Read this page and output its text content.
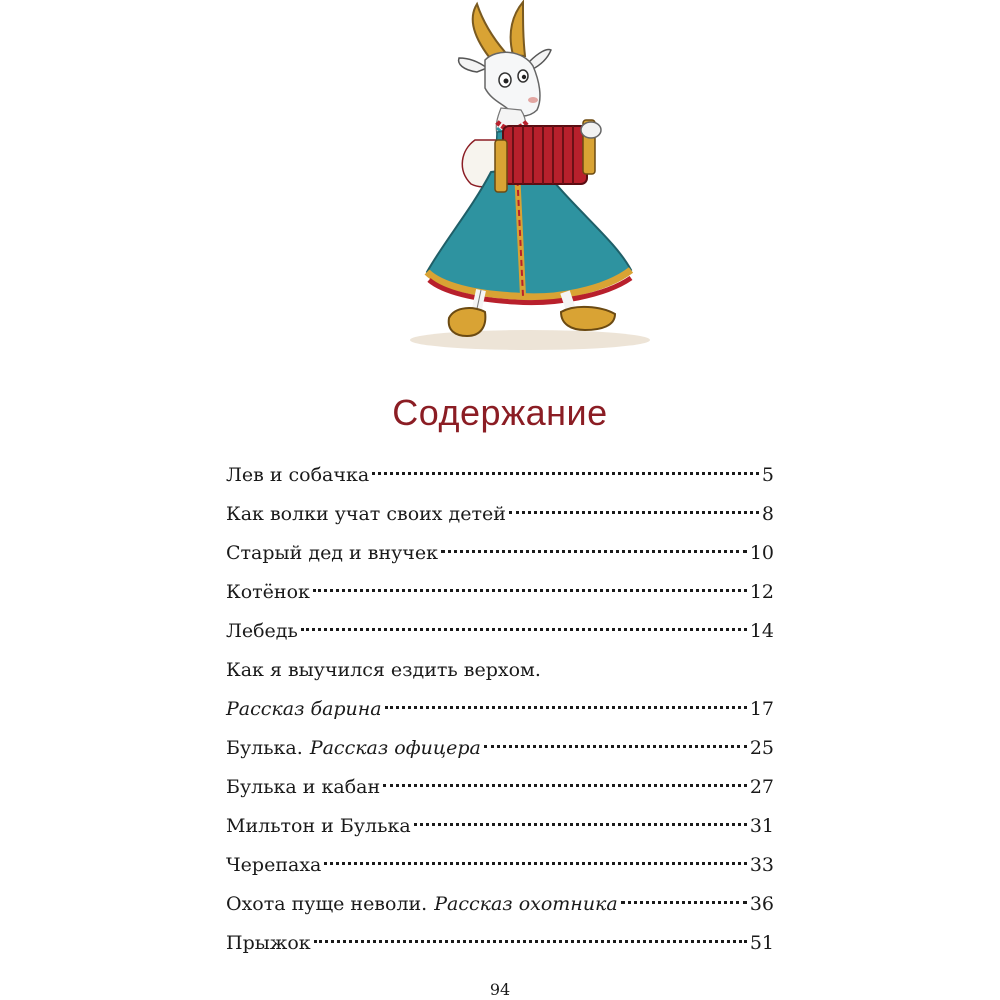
Содержание
Лев и собачка	5
Как волки учат своих детей	8
Старый дед и внучек	10
Котёнок	12
Лебедь	14
Как я выучился ездить верхом.
Рассказ барина	17
Булька. Рассказ офицера	25
Булька и кабан	27
Мильтон и Булька	31
Черепаха	33
Охота пуще неволи. Рассказ охотника	36
Прыжок	51
94
